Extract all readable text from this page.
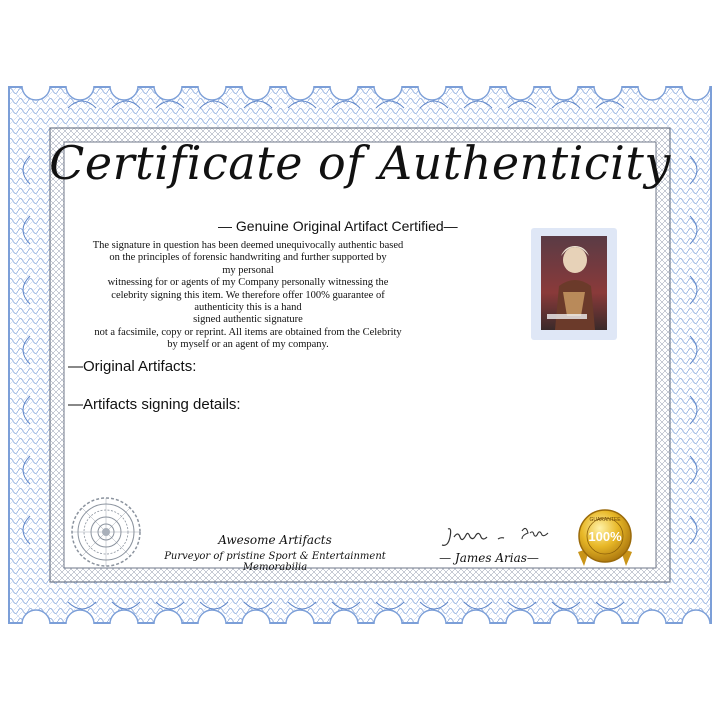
Certificate of Authenticity
— Genuine Original Artifact Certified—
The signature in question has been deemed unequivocally authentic based
on the principles of forensic handwriting and further supported by
my personal
witnessing for or agents of my Company personally witnessing the
celebrity signing this item. We therefore offer 100% guarantee of
authenticity this is a hand
signed authentic signature
not a facsimile, copy or reprint. All items are obtained from the Celebrity
by myself or an agent of my company.
—Original Artifacts:
—Artifacts signing details:
Awesome Artifacts
Purveyor of pristine Sport & Entertainment Memorabilia
— James Arias—
100%
GUARANTEE
